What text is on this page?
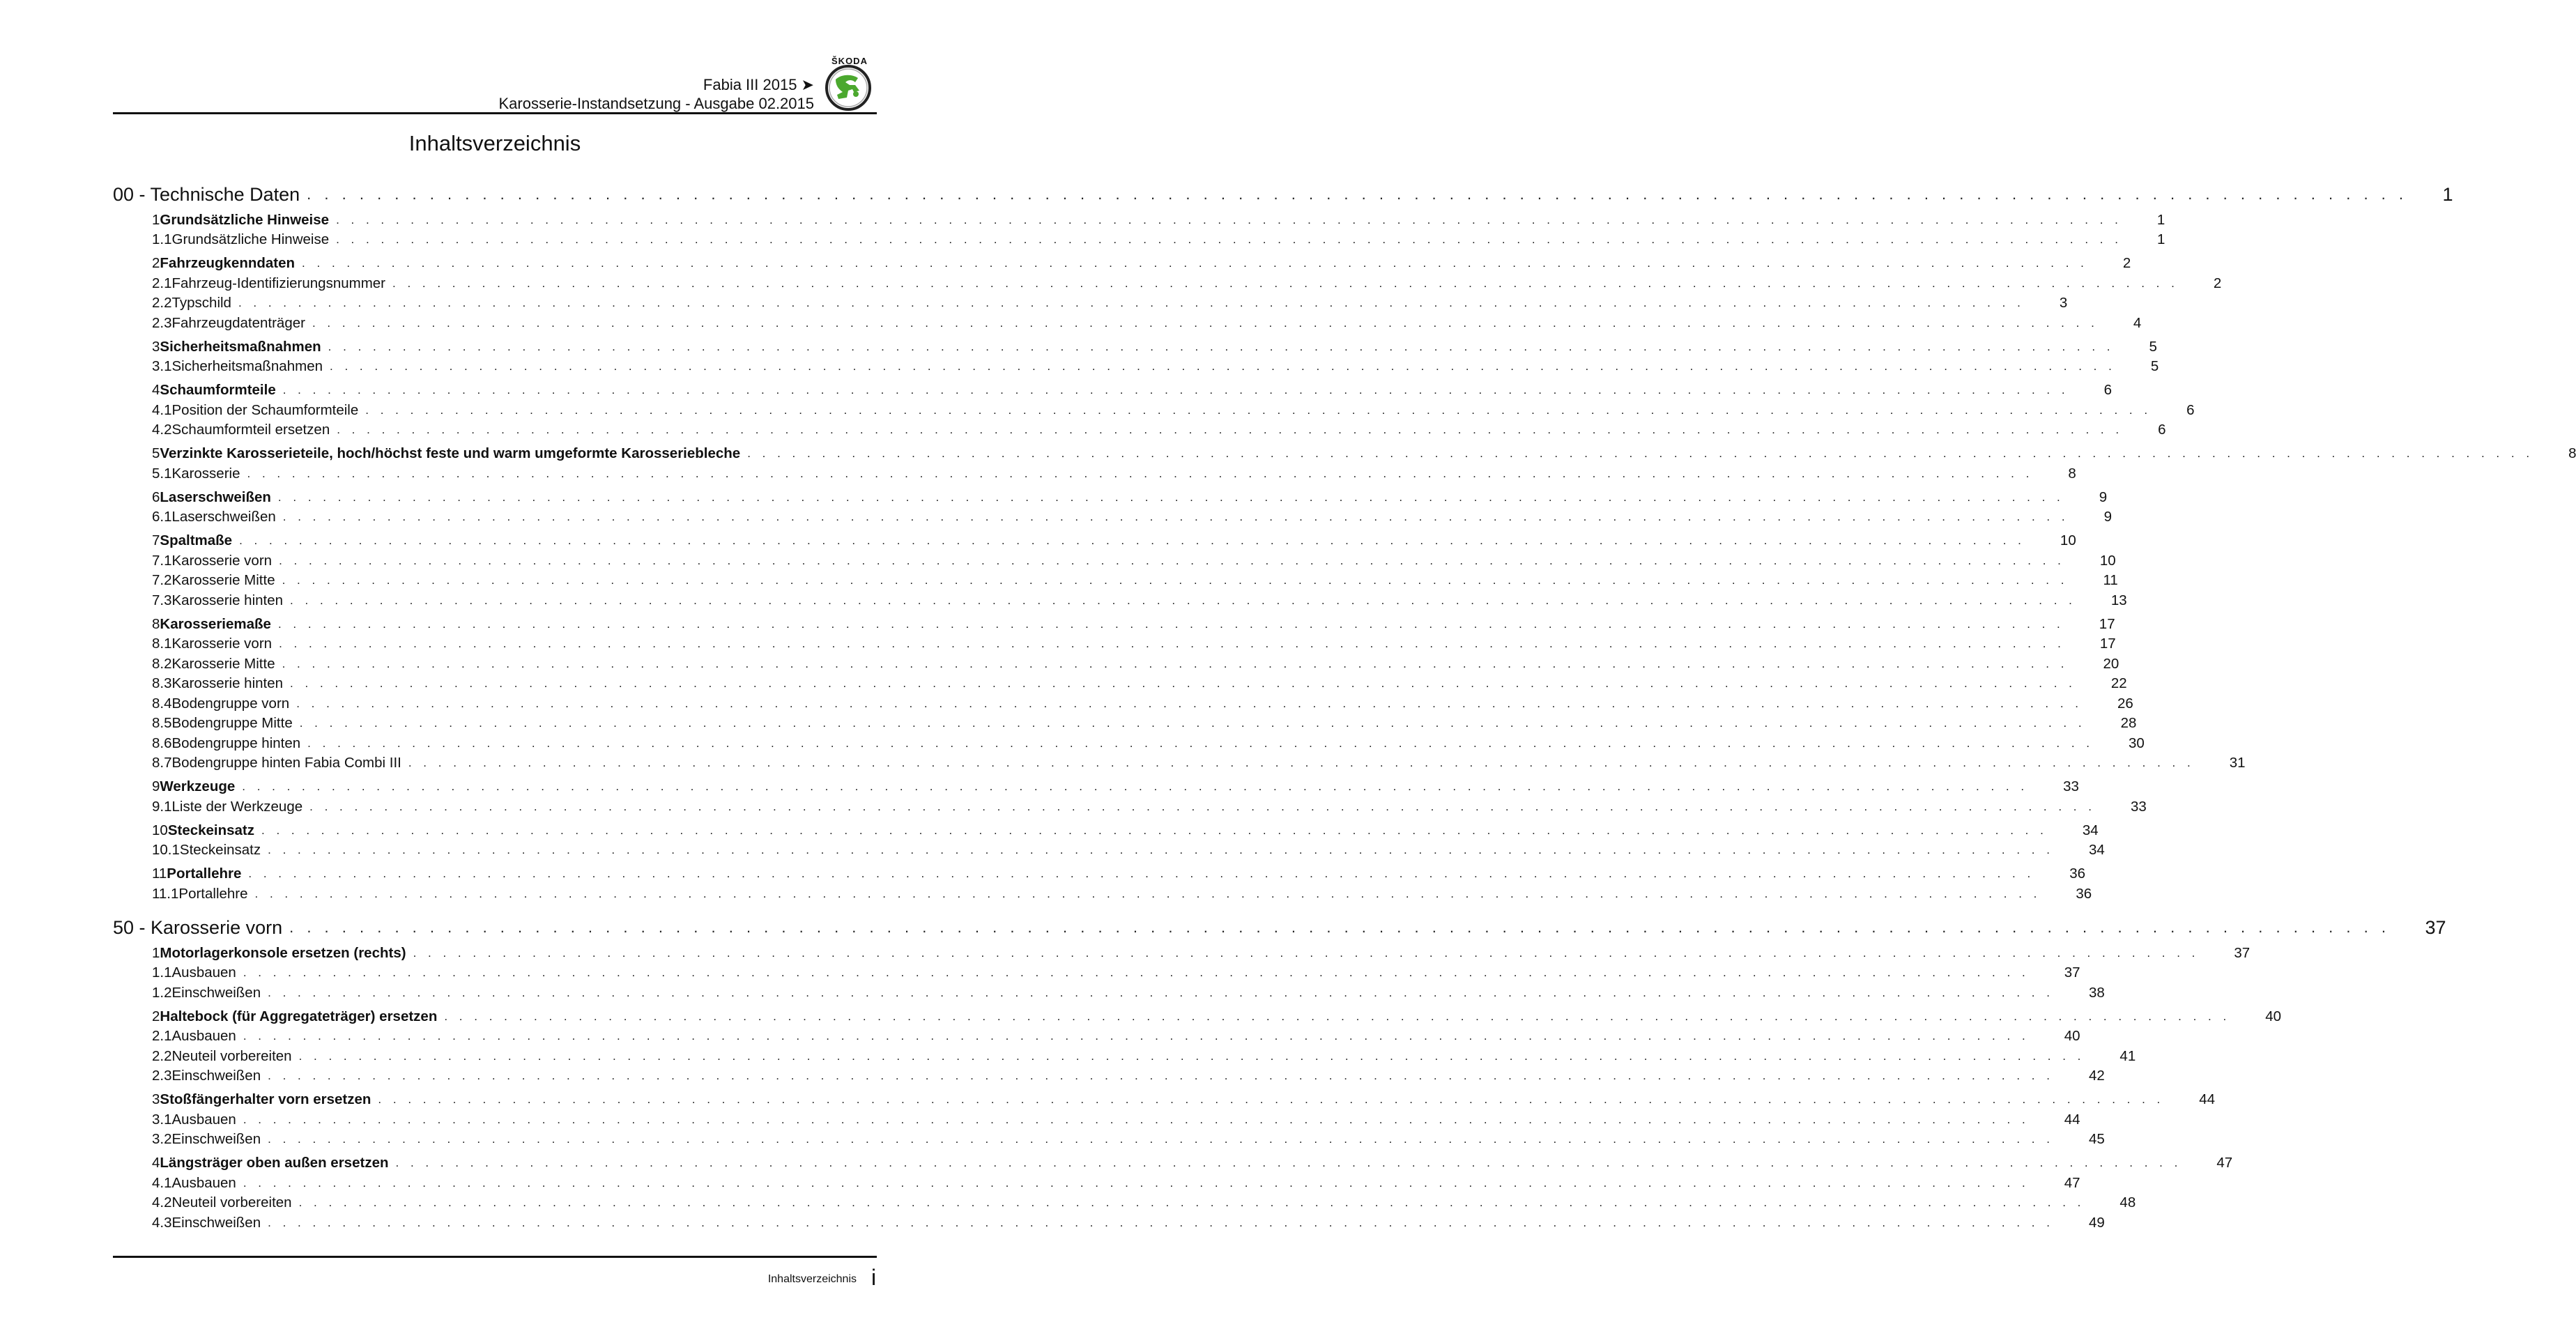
Fabia III 2015 ➤
Karosserie-Instandsetzung - Ausgabe 02.2015
ŠKODA
Inhaltsverzeichnis
00 - Technische Daten . . . . . . . . . . . . . . . . . . . . . . . . . . . . . . . . . . . . . . . . . . . . . . . . . . . . . . . . . . . . . . . . . . . . . . . . . . . . . . . . . . . . . . . . . . . . . . . . . . . . . . . . . . . . . . . . . . . . . . . . 1
1 Grundsätzliche Hinweise . . . . . . . . . . . . . . . . . . . . . . . . . . . . . . . . . . . . . . . . . . . . . . . . . . . . . . . . . . . . . . . . . . . . . . . . . . . . . . . . . . . . . . . . . . . . . . . . . . . . . . . . . . . . . . . . . . . . . . . . 1
1.1 Grundsätzliche Hinweise . . . . . . . . . . . . . . . . . . . . . . . . . . . . . . . . . . . . . . . . . . . . . . . . . . . . . . . . . . . . . . . . . . . . . . . . . . . . . . . . . . . . . . . . . . . . . . . . . . . . . . . . . . . . . . . . . . . . . . . . 1
2 Fahrzeugkenndaten . . . . . . . . . . . . . . . . . . . . . . . . . . . . . . . . . . . . . . . . . . . . . . . . . . . . . . . . . . . . . . . . . . . . . . . . . . . . . . . . . . . . . . . . . . . . . . . . . . . . . . . . . . . . . . . . . . . . . . . . 2
2.1 Fahrzeug-Identifizierungsnummer . . . . . . . . . . . . . . . . . . . . . . . . . . . . . . . . . . . . . . . . . . . . . . . . . . . . . . . . . . . . . . . . . . . . . . . . . . . . . . . . . . . . . . . . . . . . . . . . . . . . . . . . . . . . . . . . . . . . . . . . 2
2.2 Typschild . . . . . . . . . . . . . . . . . . . . . . . . . . . . . . . . . . . . . . . . . . . . . . . . . . . . . . . . . . . . . . . . . . . . . . . . . . . . . . . . . . . . . . . . . . . . . . . . . . . . . . . . . . . . . . . . . . . . . . . . 3
2.3 Fahrzeugdatenträger . . . . . . . . . . . . . . . . . . . . . . . . . . . . . . . . . . . . . . . . . . . . . . . . . . . . . . . . . . . . . . . . . . . . . . . . . . . . . . . . . . . . . . . . . . . . . . . . . . . . . . . . . . . . . . . . . . . . . . . . 4
3 Sicherheitsmaßnahmen . . . . . . . . . . . . . . . . . . . . . . . . . . . . . . . . . . . . . . . . . . . . . . . . . . . . . . . . . . . . . . . . . . . . . . . . . . . . . . . . . . . . . . . . . . . . . . . . . . . . . . . . . . . . . . . . . . . . . . . . 5
3.1 Sicherheitsmaßnahmen . . . . . . . . . . . . . . . . . . . . . . . . . . . . . . . . . . . . . . . . . . . . . . . . . . . . . . . . . . . . . . . . . . . . . . . . . . . . . . . . . . . . . . . . . . . . . . . . . . . . . . . . . . . . . . . . . . . . . . . . 5
4 Schaumformteile . . . . . . . . . . . . . . . . . . . . . . . . . . . . . . . . . . . . . . . . . . . . . . . . . . . . . . . . . . . . . . . . . . . . . . . . . . . . . . . . . . . . . . . . . . . . . . . . . . . . . . . . . . . . . . . . . . . . . . . . 6
4.1 Position der Schaumformteile . . . . . . . . . . . . . . . . . . . . . . . . . . . . . . . . . . . . . . . . . . . . . . . . . . . . . . . . . . . . . . . . . . . . . . . . . . . . . . . . . . . . . . . . . . . . . . . . . . . . . . . . . . . . . . . . . . . . . . . . 6
4.2 Schaumformteil ersetzen . . . . . . . . . . . . . . . . . . . . . . . . . . . . . . . . . . . . . . . . . . . . . . . . . . . . . . . . . . . . . . . . . . . . . . . . . . . . . . . . . . . . . . . . . . . . . . . . . . . . . . . . . . . . . . . . . . . . . . . . 6
5 Verzinkte Karosserieteile, hoch/höchst feste und warm umgeformte Karosseriebleche . . . . . . . . . . . . . . . . . . . . . . . . . . . . . . . . . . . . . . . . . . . . . . . . . . . . . . . . . . . . . . . . . . . . . . . . . . . . . . . . . . . . . . . . . . . . . . . . . . . . . . . . . . . . . . . . . . . . . . . . 8
5.1 Karosserie . . . . . . . . . . . . . . . . . . . . . . . . . . . . . . . . . . . . . . . . . . . . . . . . . . . . . . . . . . . . . . . . . . . . . . . . . . . . . . . . . . . . . . . . . . . . . . . . . . . . . . . . . . . . . . . . . . . . . . . . 8
6 Laserschweißen . . . . . . . . . . . . . . . . . . . . . . . . . . . . . . . . . . . . . . . . . . . . . . . . . . . . . . . . . . . . . . . . . . . . . . . . . . . . . . . . . . . . . . . . . . . . . . . . . . . . . . . . . . . . . . . . . . . . . . . . 9
6.1 Laserschweißen . . . . . . . . . . . . . . . . . . . . . . . . . . . . . . . . . . . . . . . . . . . . . . . . . . . . . . . . . . . . . . . . . . . . . . . . . . . . . . . . . . . . . . . . . . . . . . . . . . . . . . . . . . . . . . . . . . . . . . . . 9
7 Spaltmaße . . . . . . . . . . . . . . . . . . . . . . . . . . . . . . . . . . . . . . . . . . . . . . . . . . . . . . . . . . . . . . . . . . . . . . . . . . . . . . . . . . . . . . . . . . . . . . . . . . . . . . . . . . . . . . . . . . . . . . . . 10
7.1 Karosserie vorn . . . . . . . . . . . . . . . . . . . . . . . . . . . . . . . . . . . . . . . . . . . . . . . . . . . . . . . . . . . . . . . . . . . . . . . . . . . . . . . . . . . . . . . . . . . . . . . . . . . . . . . . . . . . . . . . . . . . . . . . 10
7.2 Karosserie Mitte . . . . . . . . . . . . . . . . . . . . . . . . . . . . . . . . . . . . . . . . . . . . . . . . . . . . . . . . . . . . . . . . . . . . . . . . . . . . . . . . . . . . . . . . . . . . . . . . . . . . . . . . . . . . . . . . . . . . . . . . 11
7.3 Karosserie hinten . . . . . . . . . . . . . . . . . . . . . . . . . . . . . . . . . . . . . . . . . . . . . . . . . . . . . . . . . . . . . . . . . . . . . . . . . . . . . . . . . . . . . . . . . . . . . . . . . . . . . . . . . . . . . . . . . . . . . . . . 13
8 Karosseriemaße . . . . . . . . . . . . . . . . . . . . . . . . . . . . . . . . . . . . . . . . . . . . . . . . . . . . . . . . . . . . . . . . . . . . . . . . . . . . . . . . . . . . . . . . . . . . . . . . . . . . . . . . . . . . . . . . . . . . . . . . 17
8.1 Karosserie vorn . . . . . . . . . . . . . . . . . . . . . . . . . . . . . . . . . . . . . . . . . . . . . . . . . . . . . . . . . . . . . . . . . . . . . . . . . . . . . . . . . . . . . . . . . . . . . . . . . . . . . . . . . . . . . . . . . . . . . . . . 17
8.2 Karosserie Mitte . . . . . . . . . . . . . . . . . . . . . . . . . . . . . . . . . . . . . . . . . . . . . . . . . . . . . . . . . . . . . . . . . . . . . . . . . . . . . . . . . . . . . . . . . . . . . . . . . . . . . . . . . . . . . . . . . . . . . . . . 20
8.3 Karosserie hinten . . . . . . . . . . . . . . . . . . . . . . . . . . . . . . . . . . . . . . . . . . . . . . . . . . . . . . . . . . . . . . . . . . . . . . . . . . . . . . . . . . . . . . . . . . . . . . . . . . . . . . . . . . . . . . . . . . . . . . . . 22
8.4 Bodengruppe vorn . . . . . . . . . . . . . . . . . . . . . . . . . . . . . . . . . . . . . . . . . . . . . . . . . . . . . . . . . . . . . . . . . . . . . . . . . . . . . . . . . . . . . . . . . . . . . . . . . . . . . . . . . . . . . . . . . . . . . . . . 26
8.5 Bodengruppe Mitte . . . . . . . . . . . . . . . . . . . . . . . . . . . . . . . . . . . . . . . . . . . . . . . . . . . . . . . . . . . . . . . . . . . . . . . . . . . . . . . . . . . . . . . . . . . . . . . . . . . . . . . . . . . . . . . . . . . . . . . . 28
8.6 Bodengruppe hinten . . . . . . . . . . . . . . . . . . . . . . . . . . . . . . . . . . . . . . . . . . . . . . . . . . . . . . . . . . . . . . . . . . . . . . . . . . . . . . . . . . . . . . . . . . . . . . . . . . . . . . . . . . . . . . . . . . . . . . . . 30
8.7 Bodengruppe hinten Fabia Combi III . . . . . . . . . . . . . . . . . . . . . . . . . . . . . . . . . . . . . . . . . . . . . . . . . . . . . . . . . . . . . . . . . . . . . . . . . . . . . . . . . . . . . . . . . . . . . . . . . . . . . . . . . . . . . . . . . . . . . . . . 31
9 Werkzeuge . . . . . . . . . . . . . . . . . . . . . . . . . . . . . . . . . . . . . . . . . . . . . . . . . . . . . . . . . . . . . . . . . . . . . . . . . . . . . . . . . . . . . . . . . . . . . . . . . . . . . . . . . . . . . . . . . . . . . . . . 33
9.1 Liste der Werkzeuge . . . . . . . . . . . . . . . . . . . . . . . . . . . . . . . . . . . . . . . . . . . . . . . . . . . . . . . . . . . . . . . . . . . . . . . . . . . . . . . . . . . . . . . . . . . . . . . . . . . . . . . . . . . . . . . . . . . . . . . . 33
10 Steckeinsatz . . . . . . . . . . . . . . . . . . . . . . . . . . . . . . . . . . . . . . . . . . . . . . . . . . . . . . . . . . . . . . . . . . . . . . . . . . . . . . . . . . . . . . . . . . . . . . . . . . . . . . . . . . . . . . . . . . . . . . . . 34
10.1 Steckeinsatz . . . . . . . . . . . . . . . . . . . . . . . . . . . . . . . . . . . . . . . . . . . . . . . . . . . . . . . . . . . . . . . . . . . . . . . . . . . . . . . . . . . . . . . . . . . . . . . . . . . . . . . . . . . . . . . . . . . . . . . . 34
11 Portallehre . . . . . . . . . . . . . . . . . . . . . . . . . . . . . . . . . . . . . . . . . . . . . . . . . . . . . . . . . . . . . . . . . . . . . . . . . . . . . . . . . . . . . . . . . . . . . . . . . . . . . . . . . . . . . . . . . . . . . . . . 36
11.1 Portallehre . . . . . . . . . . . . . . . . . . . . . . . . . . . . . . . . . . . . . . . . . . . . . . . . . . . . . . . . . . . . . . . . . . . . . . . . . . . . . . . . . . . . . . . . . . . . . . . . . . . . . . . . . . . . . . . . . . . . . . . . 36
50 - Karosserie vorn . . . . . . . . . . . . . . . . . . . . . . . . . . . . . . . . . . . . . . . . . . . . . . . . . . . . . . . . . . . . . . . . . . . . . . . . . . . . . . . . . . . . . . . . . . . . . . . . . . . . . . . . . . . . . . . . . . . . . . . . 37
1 Motorlagerkonsole ersetzen (rechts) . . . . . . . . . . . . . . . . . . . . . . . . . . . . . . . . . . . . . . . . . . . . . . . . . . . . . . . . . . . . . . . . . . . . . . . . . . . . . . . . . . . . . . . . . . . . . . . . . . . . . . . . . . . . . . . . . . . . . . . . 37
1.1 Ausbauen . . . . . . . . . . . . . . . . . . . . . . . . . . . . . . . . . . . . . . . . . . . . . . . . . . . . . . . . . . . . . . . . . . . . . . . . . . . . . . . . . . . . . . . . . . . . . . . . . . . . . . . . . . . . . . . . . . . . . . . . 37
1.2 Einschweißen . . . . . . . . . . . . . . . . . . . . . . . . . . . . . . . . . . . . . . . . . . . . . . . . . . . . . . . . . . . . . . . . . . . . . . . . . . . . . . . . . . . . . . . . . . . . . . . . . . . . . . . . . . . . . . . . . . . . . . . . 38
2 Haltebock (für Aggregateträger) ersetzen . . . . . . . . . . . . . . . . . . . . . . . . . . . . . . . . . . . . . . . . . . . . . . . . . . . . . . . . . . . . . . . . . . . . . . . . . . . . . . . . . . . . . . . . . . . . . . . . . . . . . . . . . . . . . . . . . . . . . . . . 40
2.1 Ausbauen . . . . . . . . . . . . . . . . . . . . . . . . . . . . . . . . . . . . . . . . . . . . . . . . . . . . . . . . . . . . . . . . . . . . . . . . . . . . . . . . . . . . . . . . . . . . . . . . . . . . . . . . . . . . . . . . . . . . . . . . 40
2.2 Neuteil vorbereiten . . . . . . . . . . . . . . . . . . . . . . . . . . . . . . . . . . . . . . . . . . . . . . . . . . . . . . . . . . . . . . . . . . . . . . . . . . . . . . . . . . . . . . . . . . . . . . . . . . . . . . . . . . . . . . . . . . . . . . . . 41
2.3 Einschweißen . . . . . . . . . . . . . . . . . . . . . . . . . . . . . . . . . . . . . . . . . . . . . . . . . . . . . . . . . . . . . . . . . . . . . . . . . . . . . . . . . . . . . . . . . . . . . . . . . . . . . . . . . . . . . . . . . . . . . . . . 42
3 Stoßfängerhalter vorn ersetzen . . . . . . . . . . . . . . . . . . . . . . . . . . . . . . . . . . . . . . . . . . . . . . . . . . . . . . . . . . . . . . . . . . . . . . . . . . . . . . . . . . . . . . . . . . . . . . . . . . . . . . . . . . . . . . . . . . . . . . . . 44
3.1 Ausbauen . . . . . . . . . . . . . . . . . . . . . . . . . . . . . . . . . . . . . . . . . . . . . . . . . . . . . . . . . . . . . . . . . . . . . . . . . . . . . . . . . . . . . . . . . . . . . . . . . . . . . . . . . . . . . . . . . . . . . . . . 44
3.2 Einschweißen . . . . . . . . . . . . . . . . . . . . . . . . . . . . . . . . . . . . . . . . . . . . . . . . . . . . . . . . . . . . . . . . . . . . . . . . . . . . . . . . . . . . . . . . . . . . . . . . . . . . . . . . . . . . . . . . . . . . . . . . 45
4 Längsträger oben außen ersetzen . . . . . . . . . . . . . . . . . . . . . . . . . . . . . . . . . . . . . . . . . . . . . . . . . . . . . . . . . . . . . . . . . . . . . . . . . . . . . . . . . . . . . . . . . . . . . . . . . . . . . . . . . . . . . . . . . . . . . . . . 47
4.1 Ausbauen . . . . . . . . . . . . . . . . . . . . . . . . . . . . . . . . . . . . . . . . . . . . . . . . . . . . . . . . . . . . . . . . . . . . . . . . . . . . . . . . . . . . . . . . . . . . . . . . . . . . . . . . . . . . . . . . . . . . . . . . 47
4.2 Neuteil vorbereiten . . . . . . . . . . . . . . . . . . . . . . . . . . . . . . . . . . . . . . . . . . . . . . . . . . . . . . . . . . . . . . . . . . . . . . . . . . . . . . . . . . . . . . . . . . . . . . . . . . . . . . . . . . . . . . . . . . . . . . . . 48
4.3 Einschweißen . . . . . . . . . . . . . . . . . . . . . . . . . . . . . . . . . . . . . . . . . . . . . . . . . . . . . . . . . . . . . . . . . . . . . . . . . . . . . . . . . . . . . . . . . . . . . . . . . . . . . . . . . . . . . . . . . . . . . . . . 49
Inhaltsverzeichnis i
